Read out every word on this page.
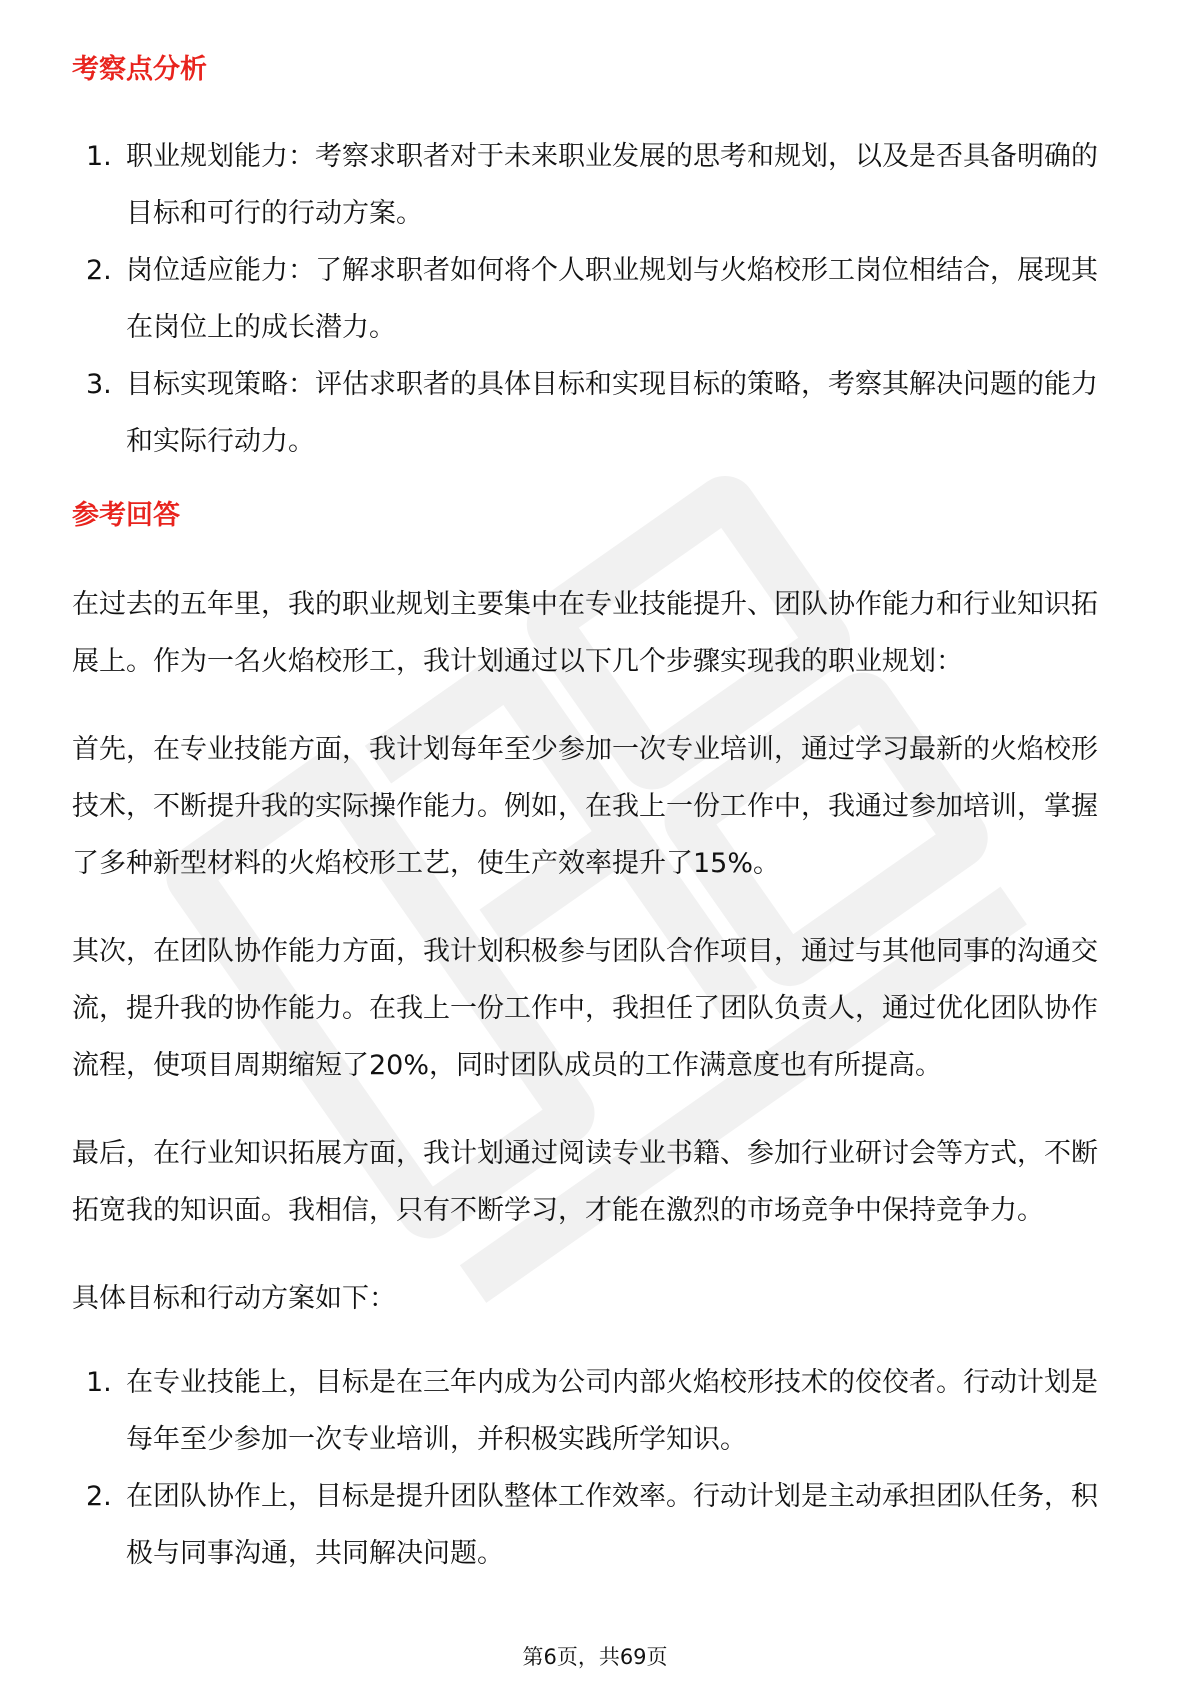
考察点分析
1. 职业规划能力：考察求职者对于未来职业发展的思考和规划，以及是否具备明确的目标和可行的行动方案。
2. 岗位适应能力：了解求职者如何将个人职业规划与火焰校形工岗位相结合，展现其在岗位上的成长潜力。
3. 目标实现策略：评估求职者的具体目标和实现目标的策略，考察其解决问题的能力和实际行动力。
参考回答

在过去的五年里，我的职业规划主要集中在专业技能提升、团队协作能力和行业知识拓展上。作为一名火焰校形工，我计划通过以下几个步骤实现我的职业规划：

首先，在专业技能方面，我计划每年至少参加一次专业培训，通过学习最新的火焰校形技术，不断提升我的实际操作能力。例如，在我上一份工作中，我通过参加培训，掌握了多种新型材料的火焰校形工艺，使生产效率提升了15%。

其次，在团队协作能力方面，我计划积极参与团队合作项目，通过与其他同事的沟通交流，提升我的协作能力。在我上一份工作中，我担任了团队负责人，通过优化团队协作流程，使项目周期缩短了20%，同时团队成员的工作满意度也有所提高。

最后，在行业知识拓展方面，我计划通过阅读专业书籍、参加行业研讨会等方式，不断拓宽我的知识面。我相信，只有不断学习，才能在激烈的市场竞争中保持竞争力。

具体目标和行动方案如下：

1. 在专业技能上，目标是在三年内成为公司内部火焰校形技术的佼佼者。行动计划是每年至少参加一次专业培训，并积极实践所学知识。
2. 在团队协作上，目标是提升团队整体工作效率。行动计划是主动承担团队任务，积极与同事沟通，共同解决问题。
第6页，共69页
